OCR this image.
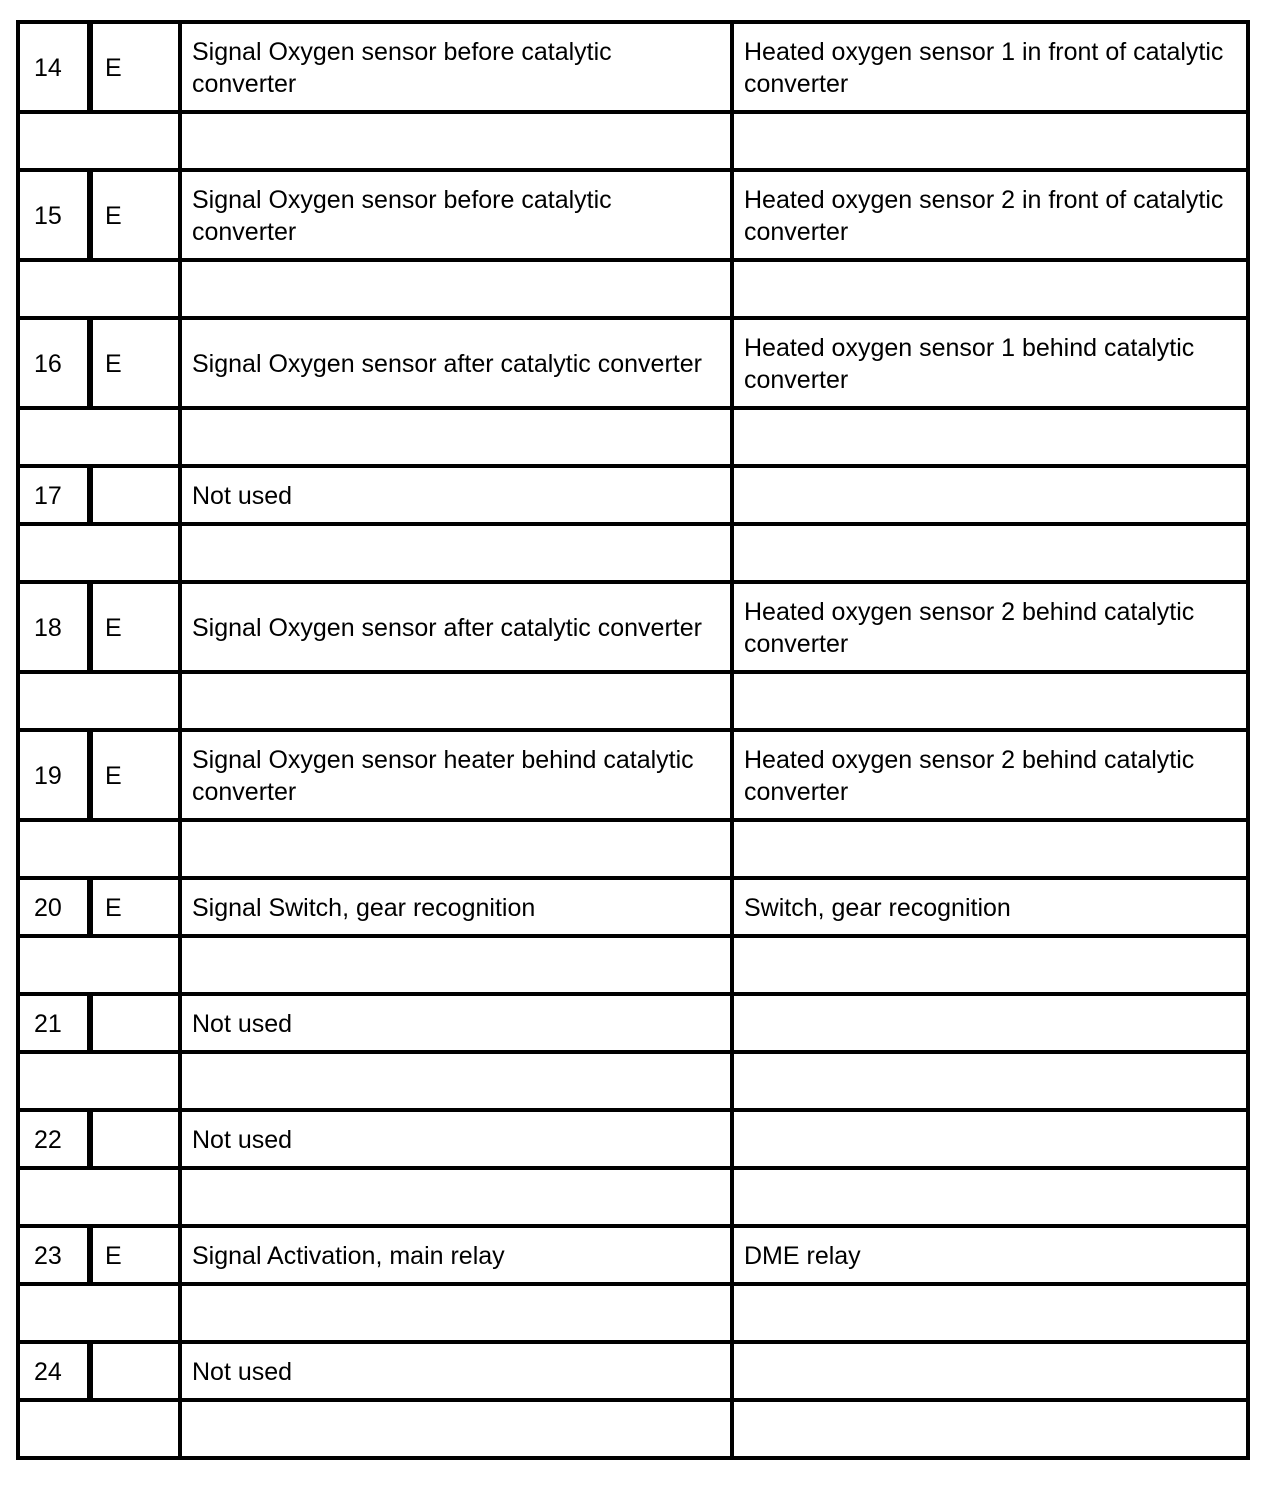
14	E	Signal Oxygen sensor before catalytic converter	Heated oxygen sensor 1 in front of catalytic converter

15	E	Signal Oxygen sensor before catalytic converter	Heated oxygen sensor 2 in front of catalytic converter

16	E	Signal Oxygen sensor after catalytic converter	Heated oxygen sensor 1 behind catalytic converter

17		Not used	

18	E	Signal Oxygen sensor after catalytic converter	Heated oxygen sensor 2 behind catalytic converter

19	E	Signal Oxygen sensor heater behind catalytic converter	Heated oxygen sensor 2 behind catalytic converter

20	E	Signal Switch, gear recognition	Switch, gear recognition

21		Not used	

22		Not used	

23	E	Signal Activation, main relay	DME relay

24		Not used	
